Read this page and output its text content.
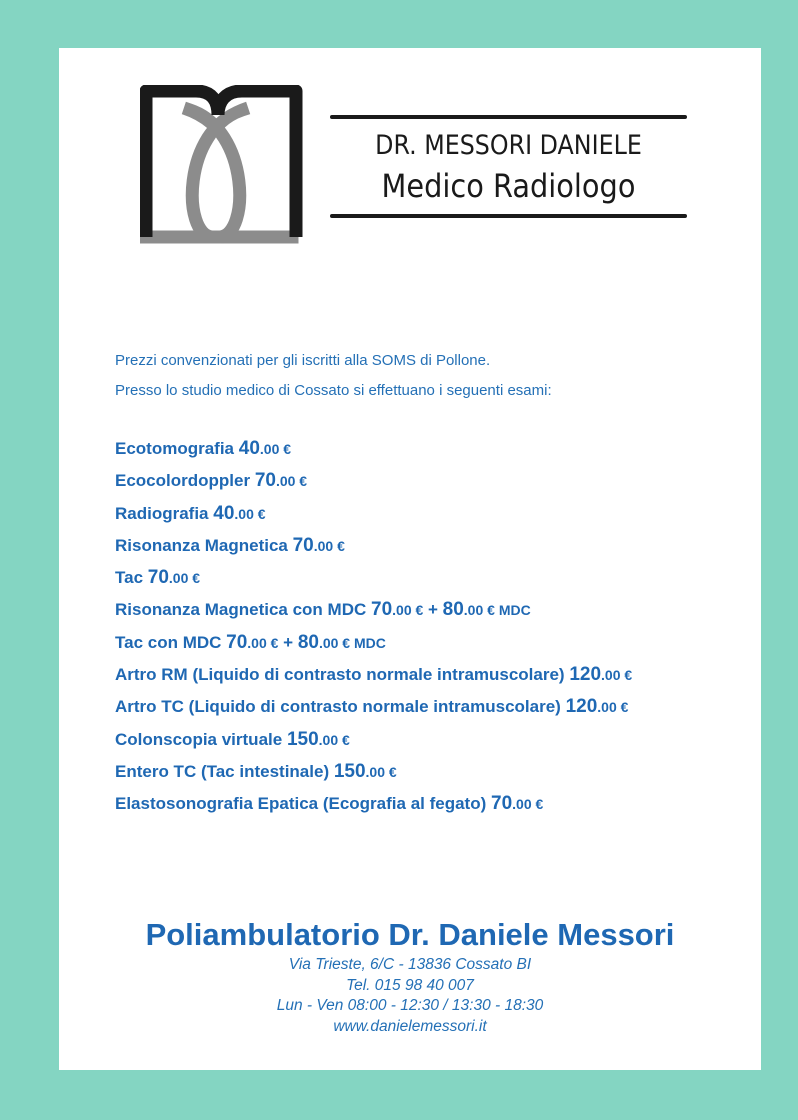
DR. MESSORI DANIELE
Medico Radiologo
Prezzi convenzionati per gli iscritti alla SOMS di Pollone.
Presso lo studio medico di Cossato si effettuano i seguenti esami:
Ecotomografia 40.00 €
Ecocolordoppler 70.00 €
Radiografia 40.00 €
Risonanza Magnetica 70.00 €
Tac 70.00 €
Risonanza Magnetica con MDC 70.00 € + 80.00 € MDC
Tac con MDC 70.00 € + 80.00 € MDC
Artro RM (Liquido di contrasto normale intramuscolare) 120.00 €
Artro TC (Liquido di contrasto normale intramuscolare) 120.00 €
Colonscopia virtuale 150.00 €
Entero TC (Tac intestinale) 150.00 €
Elastosonografia Epatica (Ecografia al fegato) 70.00 €
Poliambulatorio Dr. Daniele Messori
Via Trieste, 6/C - 13836 Cossato BI
Tel. 015 98 40 007
Lun - Ven 08:00 - 12:30 / 13:30 - 18:30
www.danielemessori.it
